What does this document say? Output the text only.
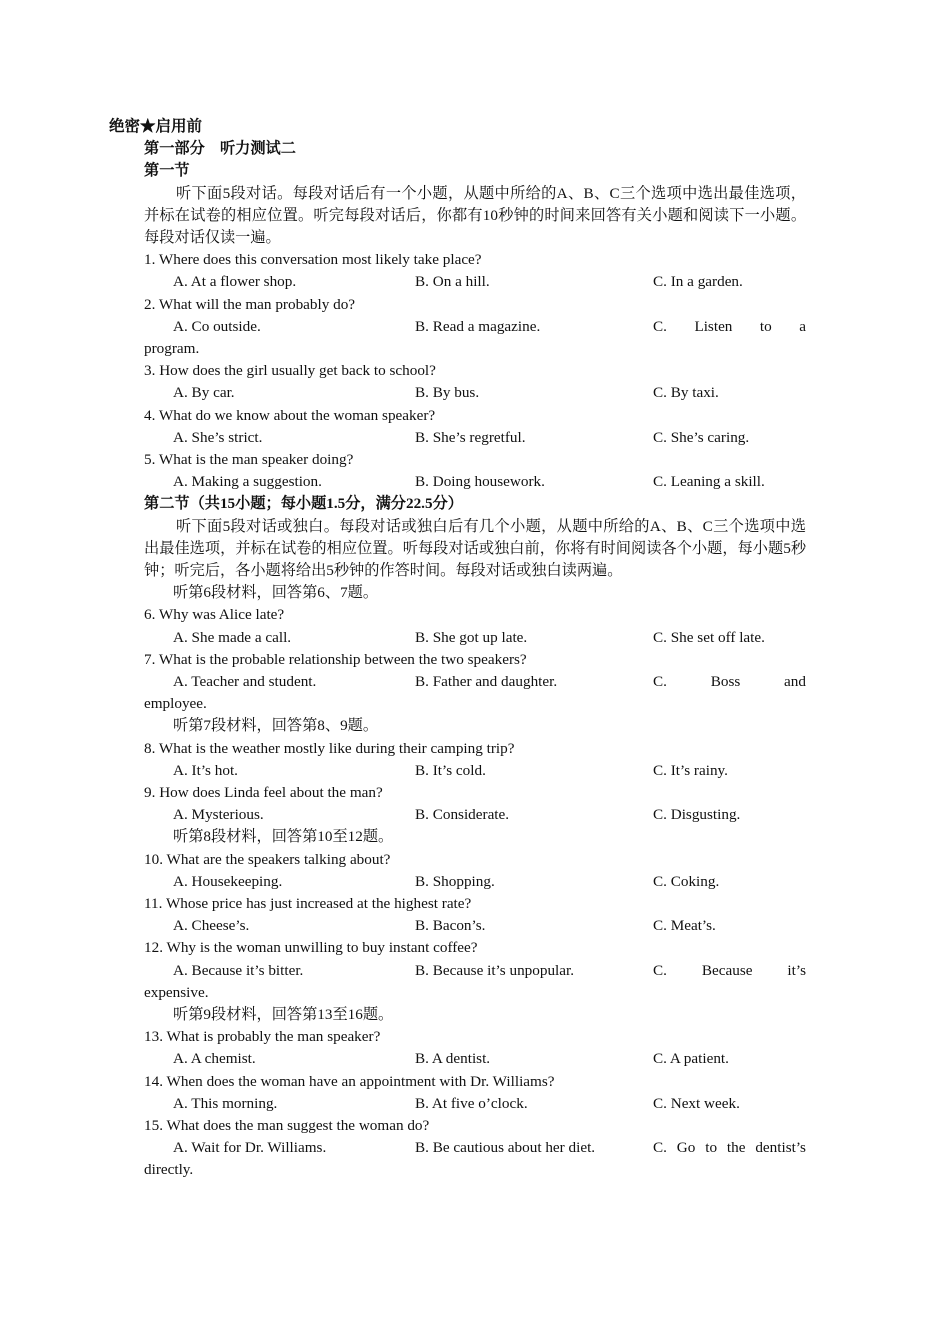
绝密★启用前
第一部分    听力测试二
第一节
听下面5段对话。每段对话后有一个小题，从题中所给的A、B、C三个选项中选出最佳选项，并标在试卷的相应位置。听完每段对话后，你都有10秒钟的时间来回答有关小题和阅读下一小题。每段对话仅读一遍。
1. Where does this conversation most likely take place?
A. At a flower shop.	B. On a hill.	C. In a garden.
2. What will the man probably do?
A. Co outside.	B. Read a magazine.	C. Listen to a
program.
3. How does the girl usually get back to school?
A. By car.	B. By bus.	C. By taxi.
4. What do we know about the woman speaker?
A. She’s strict.	B. She’s regretful.	C. She’s caring.
5. What is the man speaker doing?
A. Making a suggestion.	B. Doing housework.	C. Leaning a skill.
第二节（共15小题；每小题1.5分，满分22.5分）
听下面5段对话或独白。每段对话或独白后有几个小题，从题中所给的A、B、C三个选项中选出最佳选项，并标在试卷的相应位置。听每段对话或独白前，你将有时间阅读各个小题，每小题5秒钟；听完后，各小题将给出5秒钟的作答时间。每段对话或独白读两遍。
听第6段材料，回答第6、7题。
6. Why was Alice late?
A. She made a call.	B. She got up late.	C. She set off late.
7. What is the probable relationship between the two speakers?
A. Teacher and student.	B. Father and daughter.	C.	Boss	and
employee.
听第7段材料，回答第8、9题。
8. What is the weather mostly like during their camping trip?
A. It’s hot.	B. It’s cold.	C. It’s rainy.
9. How does Linda feel about the man?
A. Mysterious.	B. Considerate.	C. Disgusting.
听第8段材料，回答第10至12题。
10. What are the speakers talking about?
A. Housekeeping.	B. Shopping.	C. Coking.
11. Whose price has just increased at the highest rate?
A. Cheese’s.	B. Bacon’s.	C. Meat’s.
12. Why is the woman unwilling to buy instant coffee?
A. Because it’s bitter.	B. Because it’s unpopular.	C. Because it’s
expensive.
听第9段材料，回答第13至16题。
13. What is probably the man speaker?
A. A chemist.	B. A dentist.	C. A patient.
14. When does the woman have an appointment with Dr. Williams?
A. This morning.	B. At five o’clock.	C. Next week.
15. What does the man suggest the woman do?
A. Wait for Dr. Williams.	B. Be cautious about her diet.	C. Go to the dentist’s
directly.
